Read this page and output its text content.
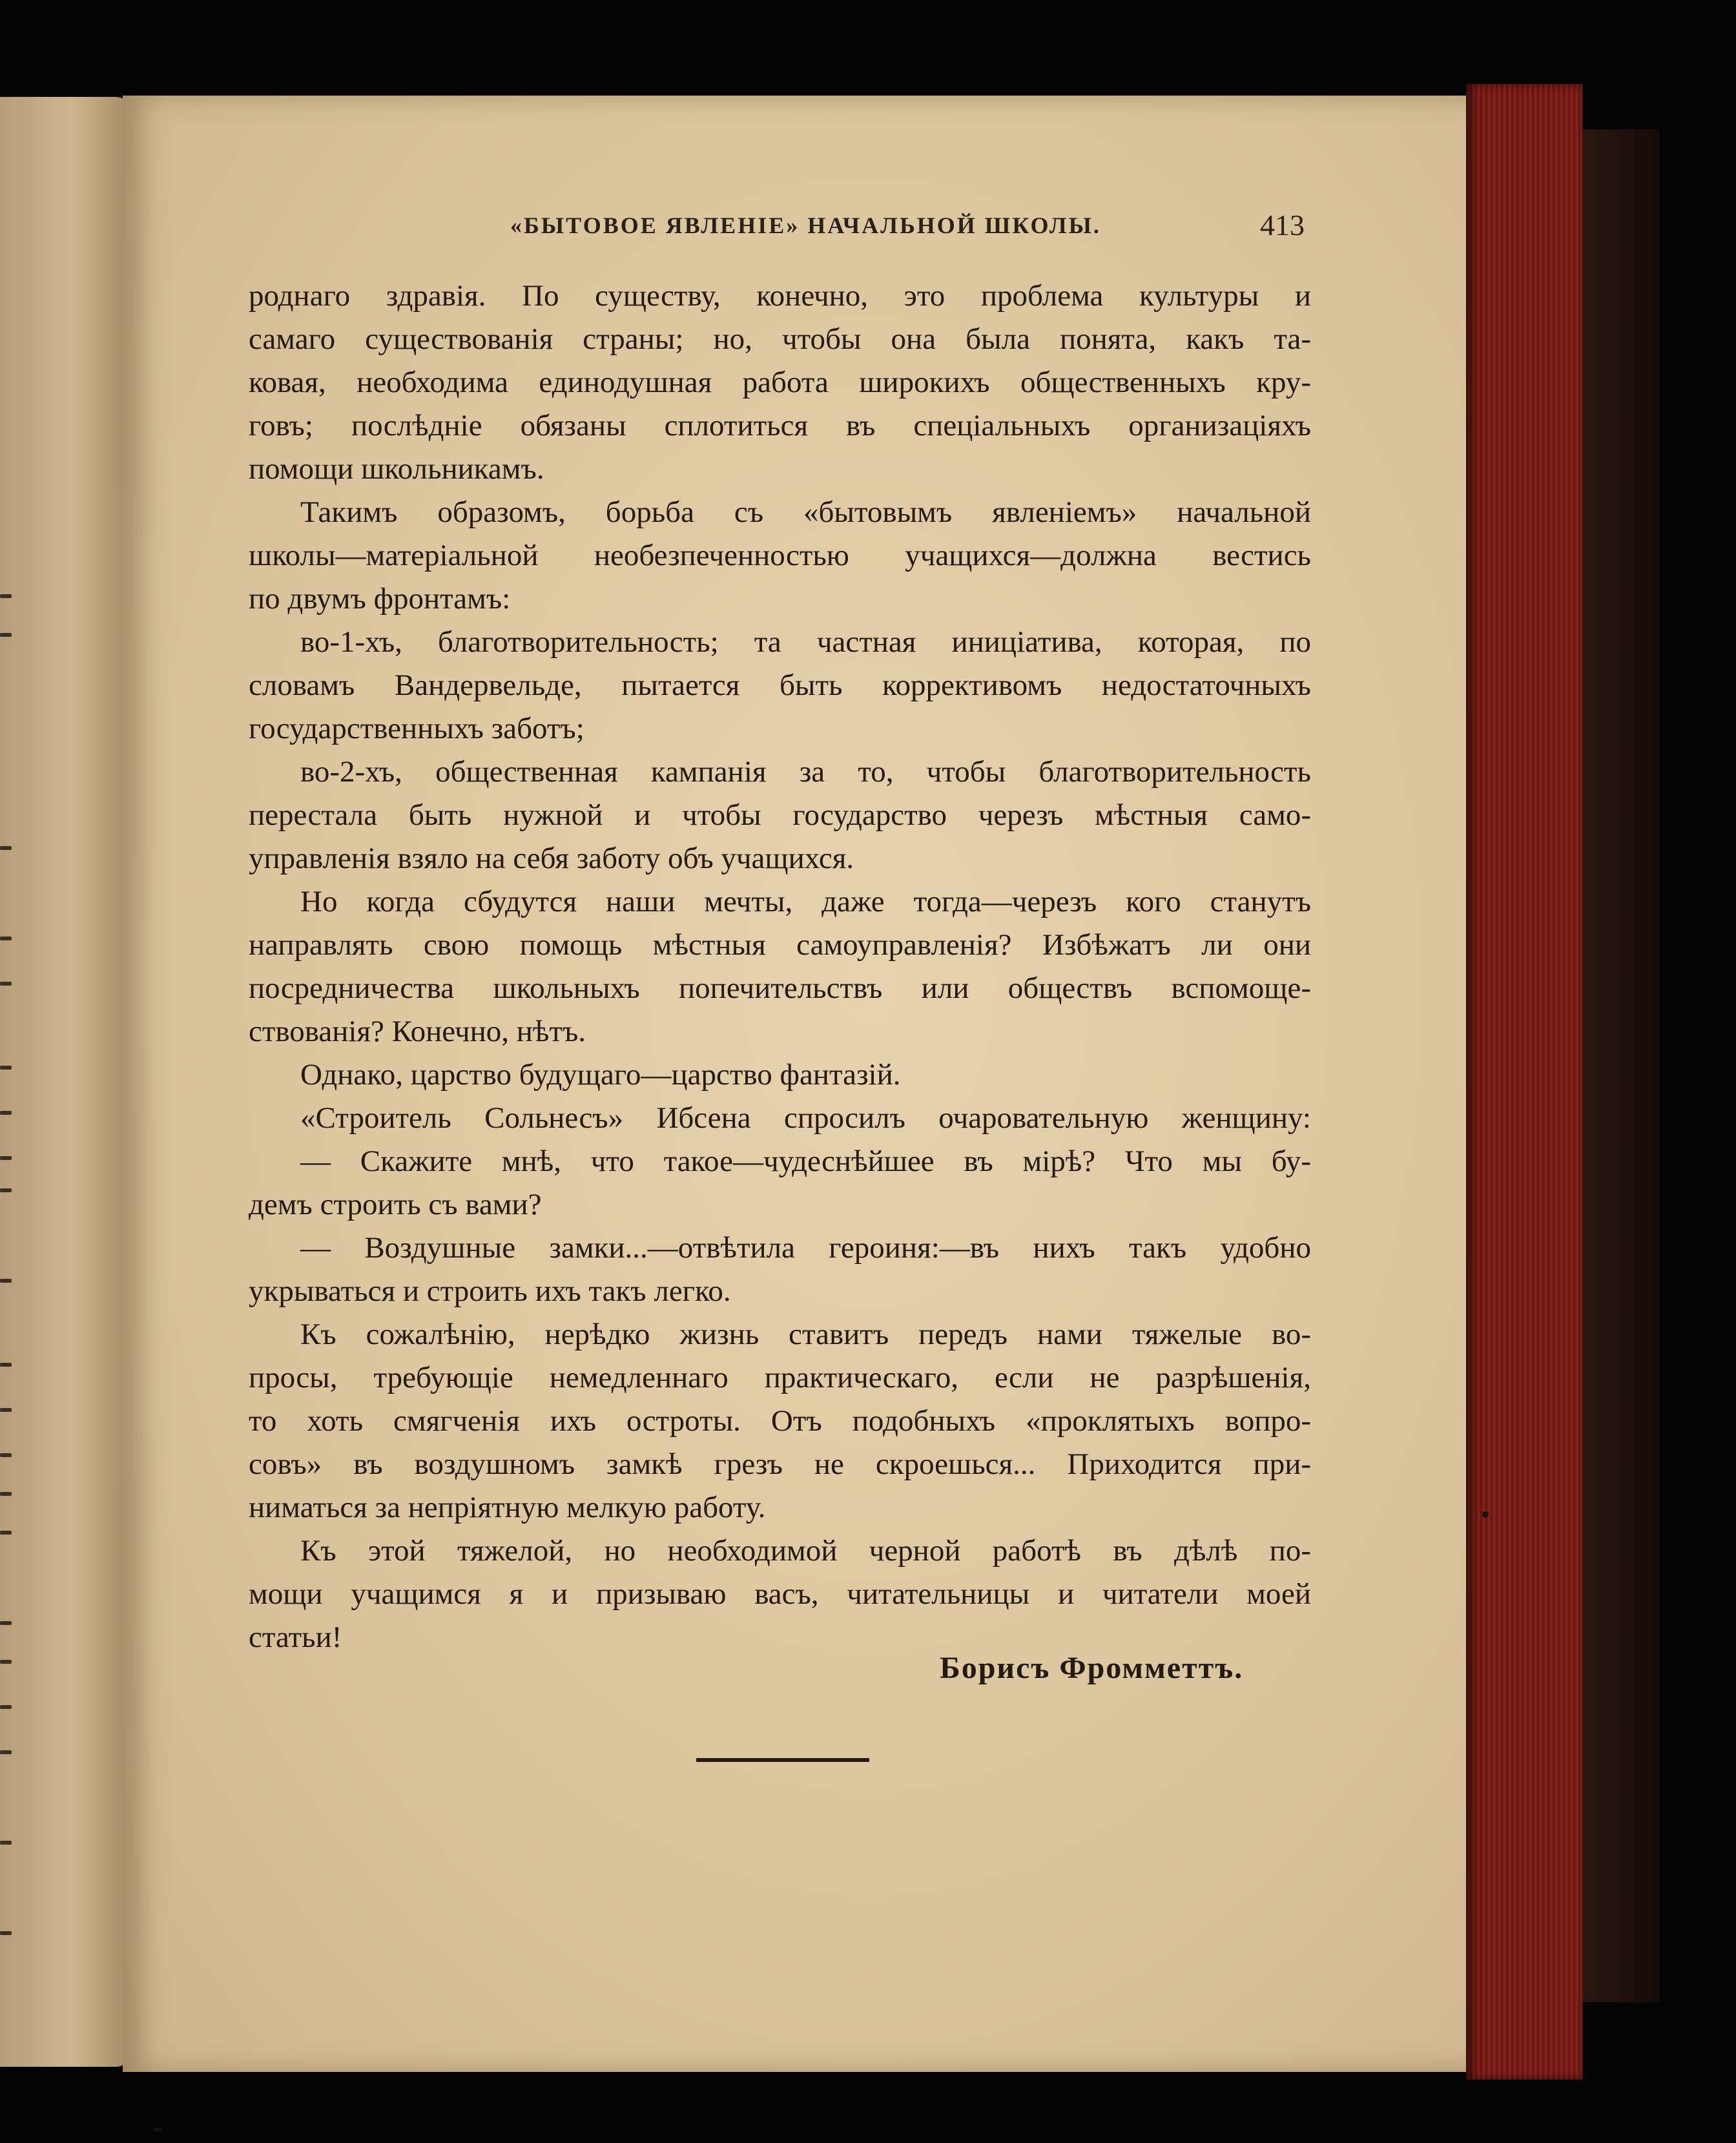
«БЫТОВОЕ ЯВЛЕНІЕ» НАЧАЛЬНОЙ ШКОЛЫ.	413
роднаго здравія. По существу, конечно, это проблема культуры и
самаго существованія страны; но, чтобы она была понята, какъ та-
ковая, необходима единодушная работа широкихъ общественныхъ кру-
говъ; послѣдніе обязаны сплотиться въ спеціальныхъ организаціяхъ
помощи школьникамъ.
Такимъ образомъ, борьба съ «бытовымъ явленіемъ» начальной
школы—матеріальной необезпеченностью учащихся—должна вестись
по двумъ фронтамъ:
во-1-хъ, благотворительность; та частная иниціатива, которая, по
словамъ Вандервельде, пытается быть коррективомъ недостаточныхъ
государственныхъ заботъ;
во-2-хъ, общественная кампанія за то, чтобы благотворительность
перестала быть нужной и чтобы государство черезъ мѣстныя само-
управленія взяло на себя заботу объ учащихся.
Но когда сбудутся наши мечты, даже тогда—черезъ кого станутъ
направлять свою помощь мѣстныя самоуправленія? Избѣжатъ ли они
посредничества школьныхъ попечительствъ или обществъ вспомоще-
ствованія? Конечно, нѣтъ.
Однако, царство будущаго—царство фантазій.
«Строитель Сольнесъ» Ибсена спросилъ очаровательную женщину:
— Скажите мнѣ, что такое—чудеснѣйшее въ мірѣ? Что мы бу-
демъ строить съ вами?
— Воздушные замки...—отвѣтила героиня:—въ нихъ такъ удобно
укрываться и строить ихъ такъ легко.
Къ сожалѣнію, нерѣдко жизнь ставитъ передъ нами тяжелые во-
просы, требующіе немедленнаго практическаго, если не разрѣшенія,
то хоть смягченія ихъ остроты. Отъ подобныхъ «проклятыхъ вопро-
совъ» въ воздушномъ замкѣ грезъ не скроешься... Приходится при-
ниматься за непріятную мелкую работу.
Къ этой тяжелой, но необходимой черной работѣ въ дѣлѣ по-
мощи учащимся я и призываю васъ, читательницы и читатели моей
статьи!
Борисъ Фромметтъ.
